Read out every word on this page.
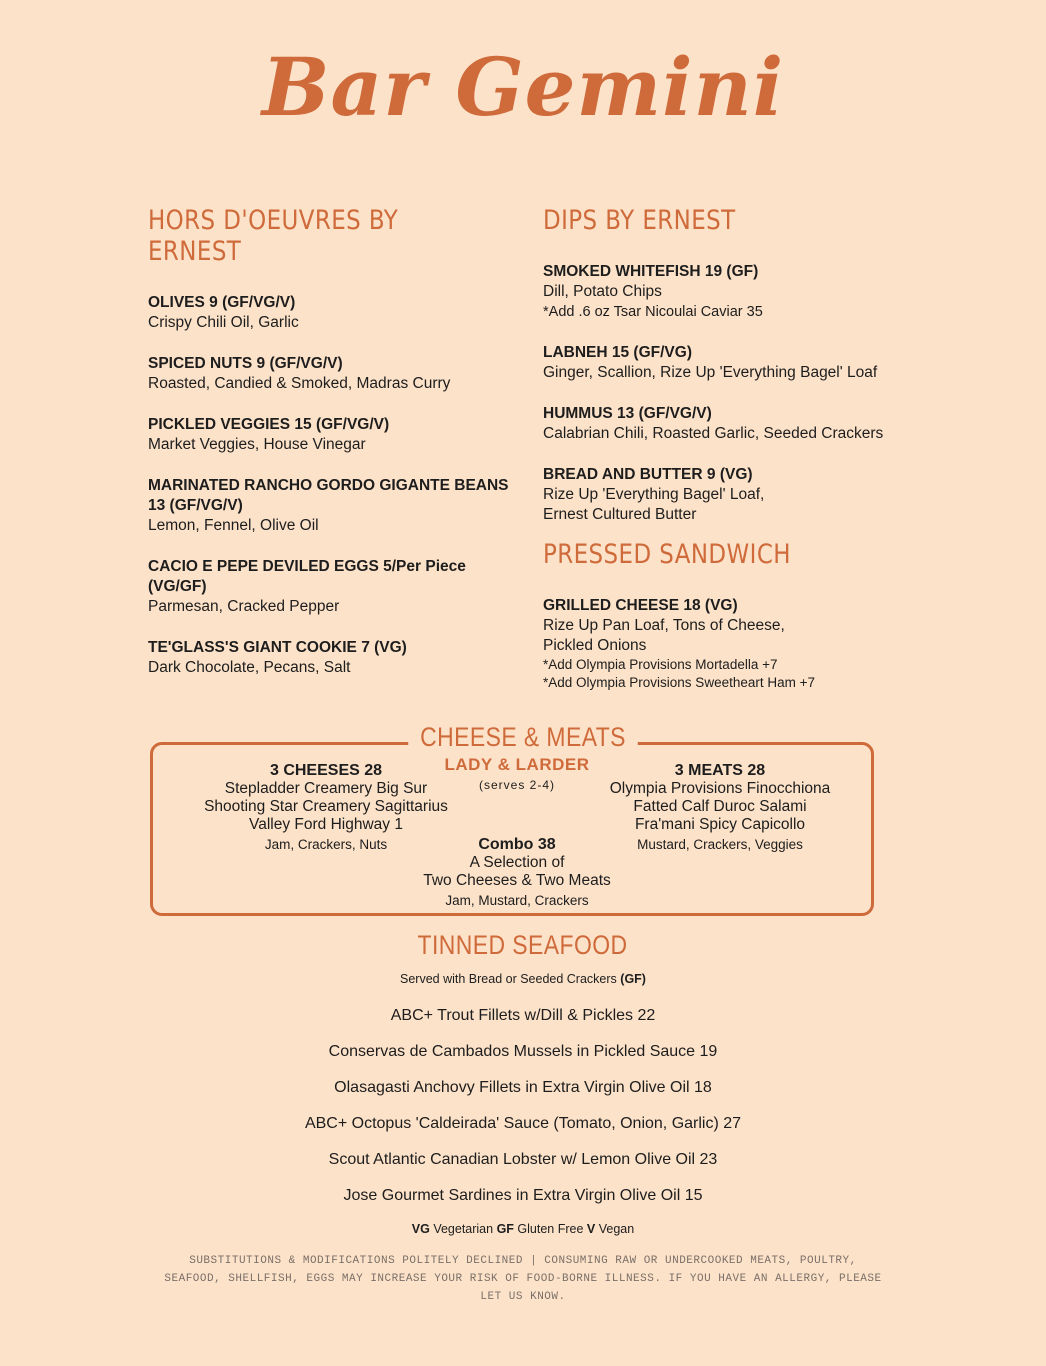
Bar Gemini
HORS D'OEUVRES BY ERNEST
OLIVES 9 (GF/VG/V)
Crispy Chili Oil, Garlic
SPICED NUTS 9 (GF/VG/V)
Roasted, Candied & Smoked, Madras Curry
PICKLED VEGGIES 15 (GF/VG/V)
Market Veggies, House Vinegar
MARINATED RANCHO GORDO GIGANTE BEANS 13 (GF/VG/V)
Lemon, Fennel, Olive Oil
CACIO E PEPE DEVILED EGGS 5/Per Piece (VG/GF)
Parmesan, Cracked Pepper
TE'GLASS'S GIANT COOKIE 7 (VG)
Dark Chocolate, Pecans, Salt
DIPS BY ERNEST
SMOKED WHITEFISH 19 (GF)
Dill, Potato Chips
*Add .6 oz Tsar Nicoulai Caviar 35
LABNEH 15 (GF/VG)
Ginger, Scallion, Rize Up 'Everything Bagel' Loaf
HUMMUS 13 (GF/VG/V)
Calabrian Chili, Roasted Garlic, Seeded Crackers
BREAD AND BUTTER 9 (VG)
Rize Up 'Everything Bagel' Loaf,
Ernest Cultured Butter
PRESSED SANDWICH
GRILLED CHEESE 18 (VG)
Rize Up Pan Loaf, Tons of Cheese,
Pickled Onions
*Add Olympia Provisions Mortadella +7
*Add Olympia Provisions Sweetheart Ham +7
CHEESE & MEATS
3 CHEESES 28
Stepladder Creamery Big Sur
Shooting Star Creamery Sagittarius
Valley Ford Highway 1
Jam, Crackers, Nuts
LADY & LARDER
(serves 2-4)
3 MEATS 28
Olympia Provisions Finocchiona
Fatted Calf Duroc Salami
Fra'mani Spicy Capicollo
Mustard, Crackers, Veggies
Combo 38
A Selection of
Two Cheeses & Two Meats
Jam, Mustard, Crackers
TINNED SEAFOOD
Served with Bread or Seeded Crackers (GF)
ABC+ Trout Fillets w/Dill & Pickles 22
Conservas de Cambados Mussels in Pickled Sauce 19
Olasagasti Anchovy Fillets in Extra Virgin Olive Oil 18
ABC+ Octopus 'Caldeirada' Sauce (Tomato, Onion, Garlic) 27
Scout Atlantic Canadian Lobster w/ Lemon Olive Oil 23
Jose Gourmet Sardines in Extra Virgin Olive Oil 15
VG Vegetarian GF Gluten Free V Vegan
SUBSTITUTIONS & MODIFICATIONS POLITELY DECLINED | CONSUMING RAW OR UNDERCOOKED MEATS, POULTRY, SEAFOOD, SHELLFISH, EGGS MAY INCREASE YOUR RISK OF FOOD-BORNE ILLNESS. IF YOU HAVE AN ALLERGY, PLEASE LET US KNOW.
